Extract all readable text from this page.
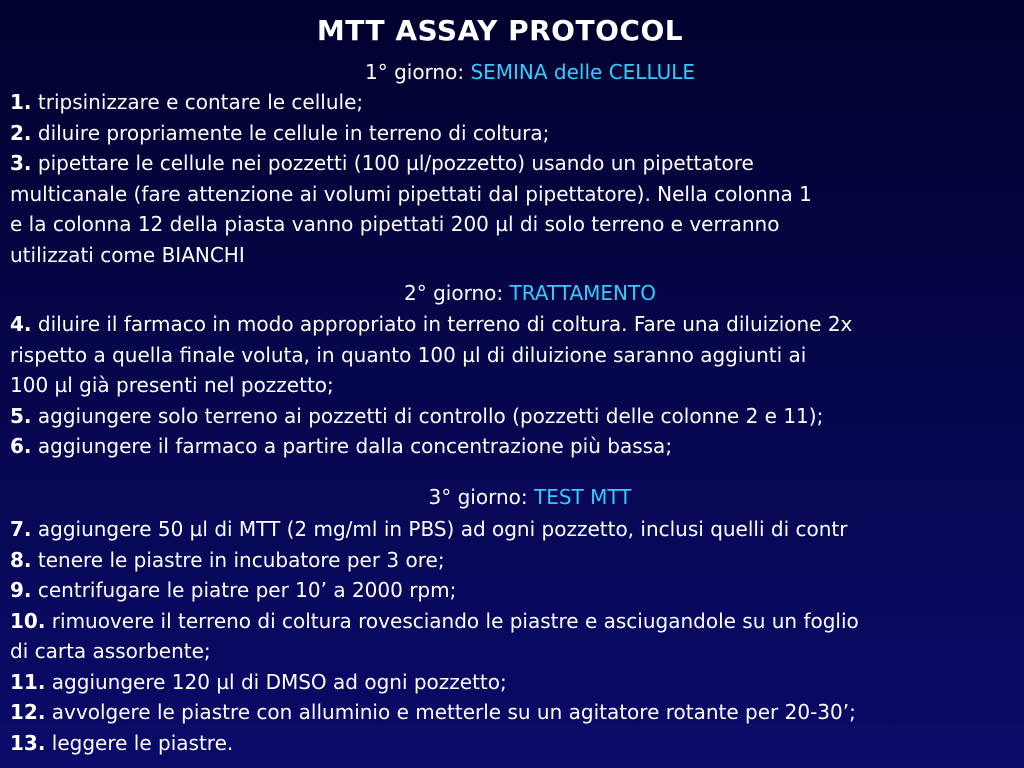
MTT ASSAY PROTOCOL
1° giorno: SEMINA delle CELLULE
1. tripsinizzare e contare le cellule;
2. diluire propriamente le cellule in terreno di coltura;
3. pipettare le cellule nei pozzetti (100 µl/pozzetto) usando un pipettatore
multicanale (fare attenzione ai volumi pipettati dal pipettatore). Nella colonna 1
e la colonna 12 della piasta vanno pipettati 200 µl di solo terreno e verranno
utilizzati come BIANCHI
2° giorno: TRATTAMENTO
4. diluire il farmaco in modo appropriato in terreno di coltura. Fare una diluizione 2x
rispetto a quella finale voluta, in quanto 100 µl di diluizione saranno aggiunti ai
100 µl già presenti nel pozzetto;
5. aggiungere solo terreno ai pozzetti di controllo (pozzetti delle colonne 2 e 11);
6. aggiungere il farmaco a partire dalla concentrazione più bassa;
3° giorno: TEST MTT
7. aggiungere 50 µl di MTT (2 mg/ml in PBS) ad ogni pozzetto, inclusi quelli di contr
8. tenere le piastre in incubatore per 3 ore;
9. centrifugare le piatre per 10’ a 2000 rpm;
10. rimuovere il terreno di coltura rovesciando le piastre e asciugandole su un foglio
di carta assorbente;
11. aggiungere 120 µl di DMSO ad ogni pozzetto;
12. avvolgere le piastre con alluminio e metterle su un agitatore rotante per 20-30’;
13. leggere le piastre.
